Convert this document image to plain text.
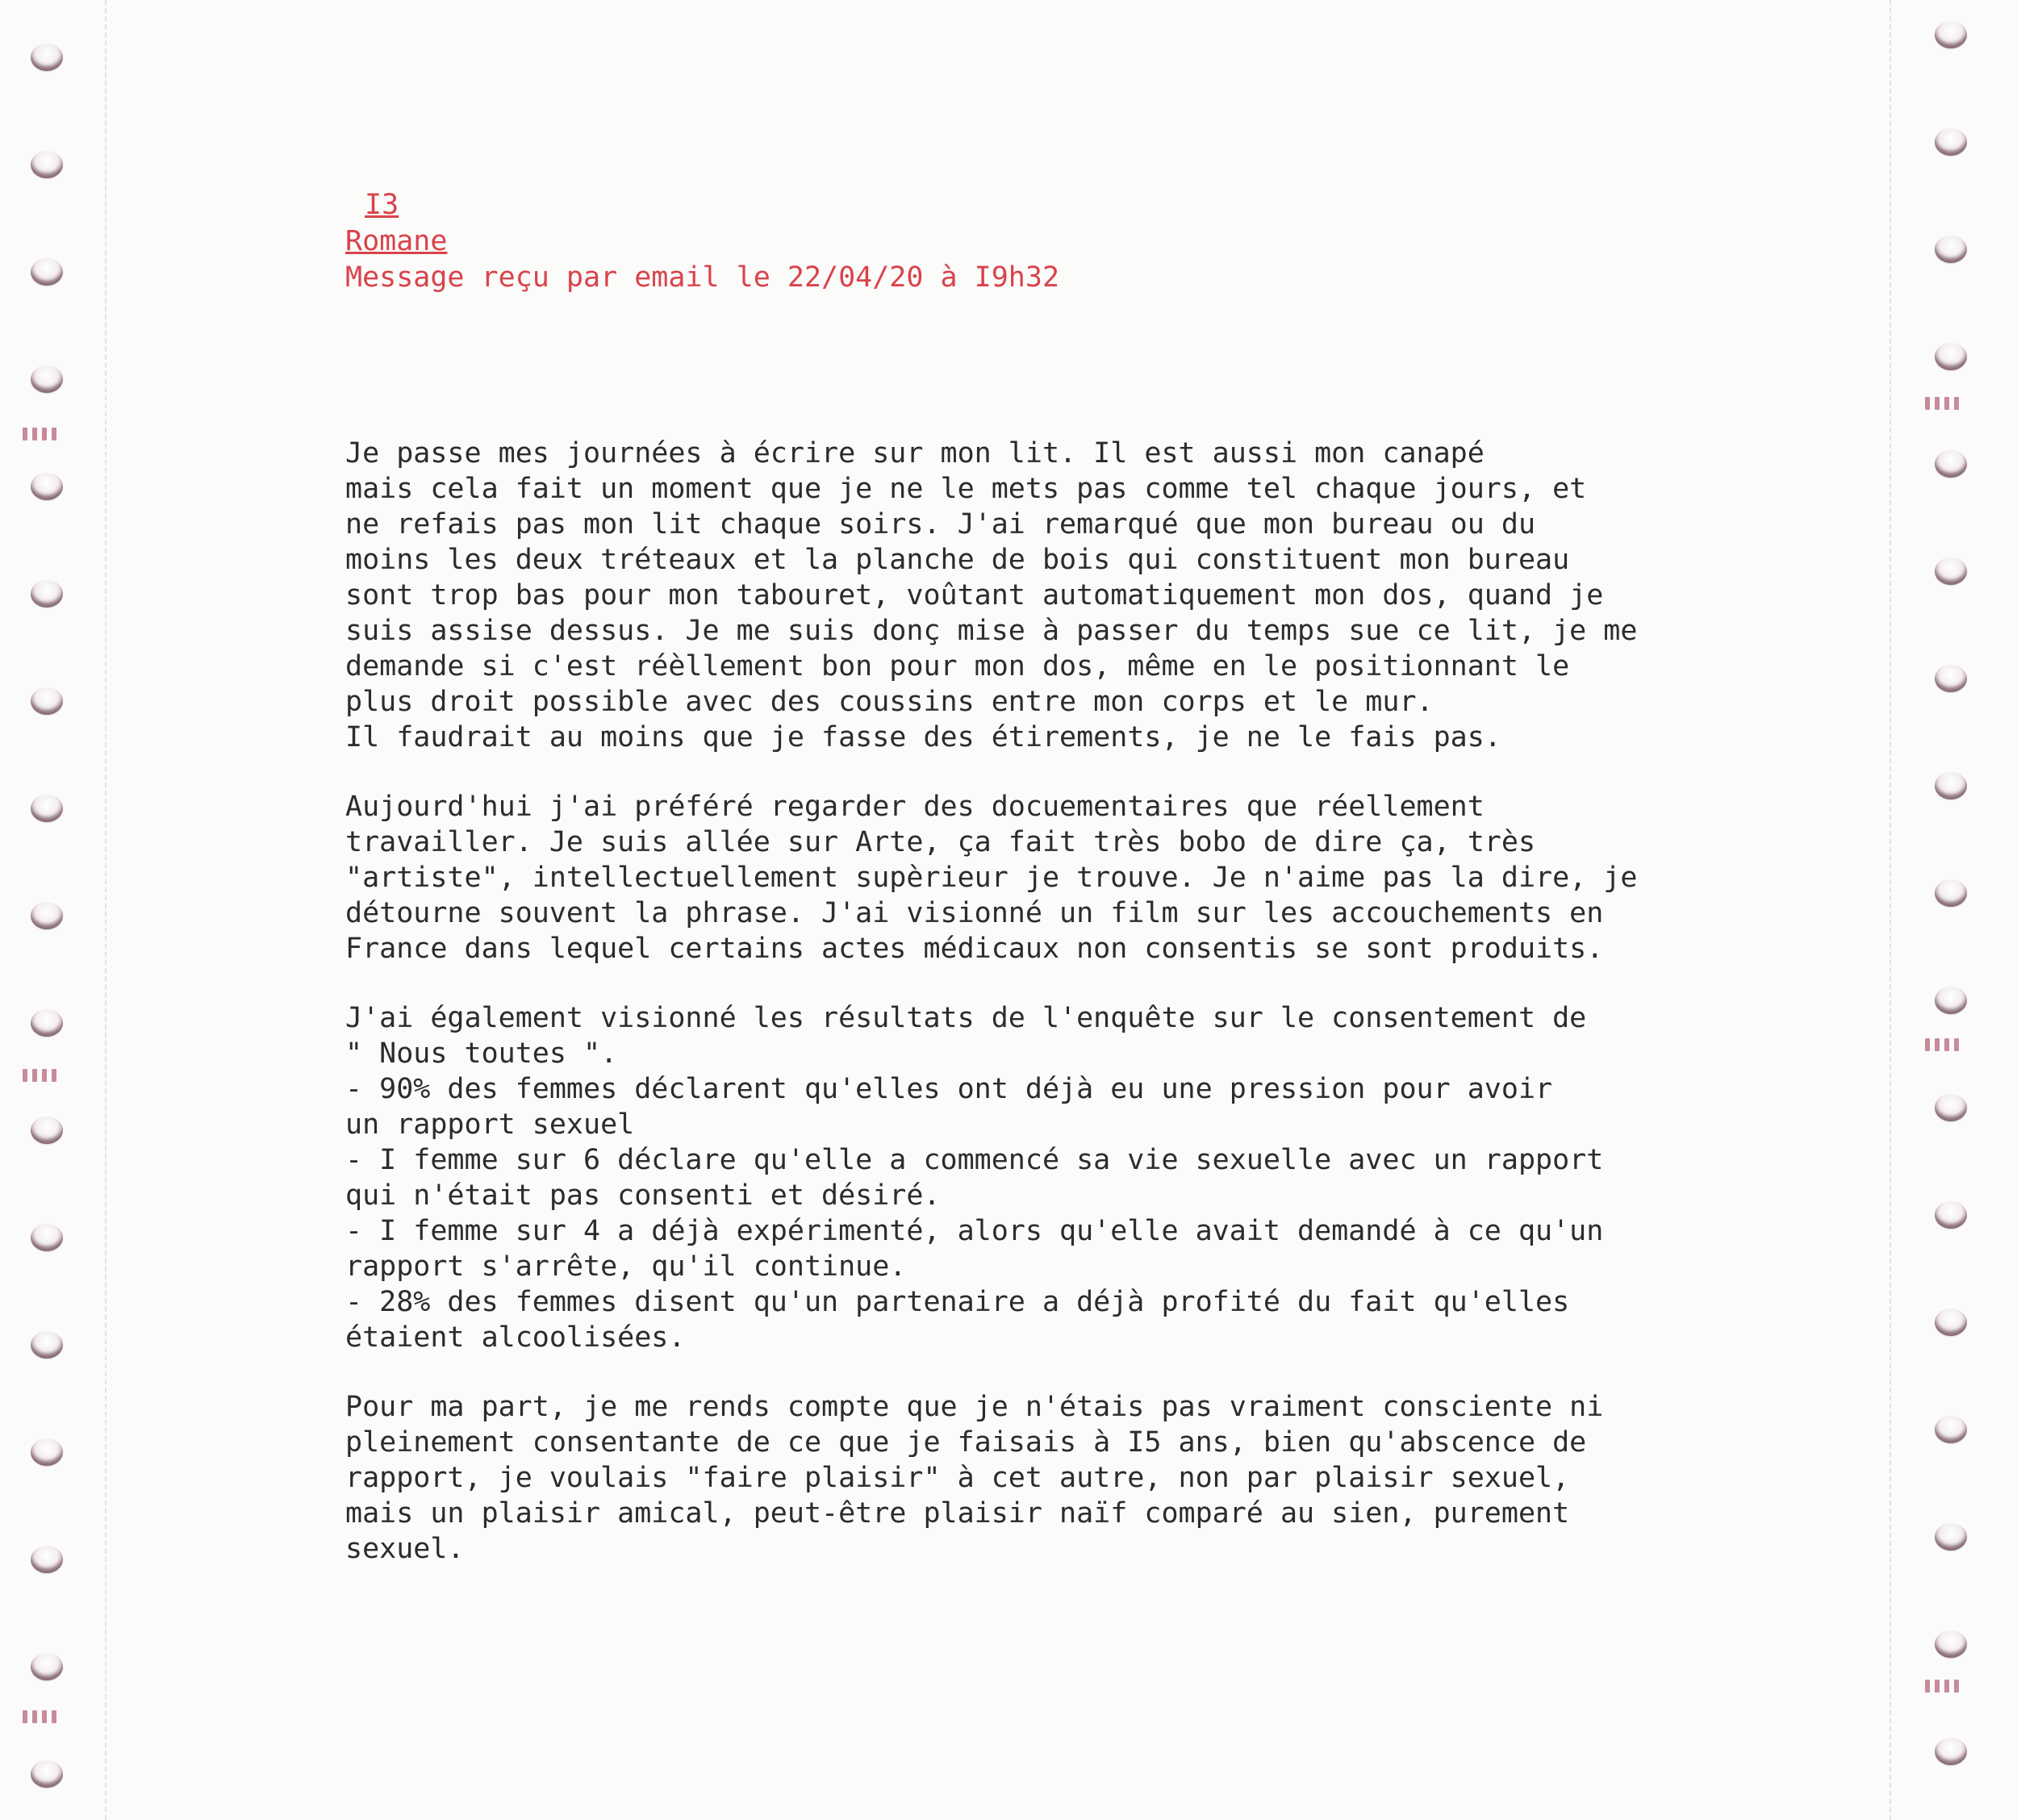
I3
Romane
Message reçu par email le 22/04/20 à I9h32
Je passe mes journées à écrire sur mon lit. Il est aussi mon canapé
mais cela fait un moment que je ne le mets pas comme tel chaque jours, et
ne refais pas mon lit chaque soirs. J'ai remarqué que mon bureau ou du
moins les deux tréteaux et la planche de bois qui constituent mon bureau
sont trop bas pour mon tabouret, voûtant automatiquement mon dos, quand je
suis assise dessus. Je me suis donç mise à passer du temps sue ce lit, je me
demande si c'est réèllement bon pour mon dos, même en le positionnant le
plus droit possible avec des coussins entre mon corps et le mur.
Il faudrait au moins que je fasse des étirements, je ne le fais pas.
Aujourd'hui j'ai préféré regarder des docuementaires que réellement
travailler. Je suis allée sur Arte, ça fait très bobo de dire ça, très
"artiste", intellectuellement supèrieur je trouve. Je n'aime pas la dire, je
détourne souvent la phrase. J'ai visionné un film sur les accouchements en
France dans lequel certains actes médicaux non consentis se sont produits.
J'ai également visionné les résultats de l'enquête sur le consentement de
" Nous toutes ".
- 90% des femmes déclarent qu'elles ont déjà eu une pression pour avoir
un rapport sexuel
- I femme sur 6 déclare qu'elle a commencé sa vie sexuelle avec un rapport
qui n'était pas consenti et désiré.
- I femme sur 4 a déjà expérimenté, alors qu'elle avait demandé à ce qu'un
rapport s'arrête, qu'il continue.
- 28% des femmes disent qu'un partenaire a déjà profité du fait qu'elles
étaient alcoolisées.
Pour ma part, je me rends compte que je n'étais pas vraiment consciente ni
pleinement consentante de ce que je faisais à I5 ans, bien qu'abscence de
rapport, je voulais "faire plaisir" à cet autre, non par plaisir sexuel,
mais un plaisir amical, peut-être plaisir naïf comparé au sien, purement
sexuel.
